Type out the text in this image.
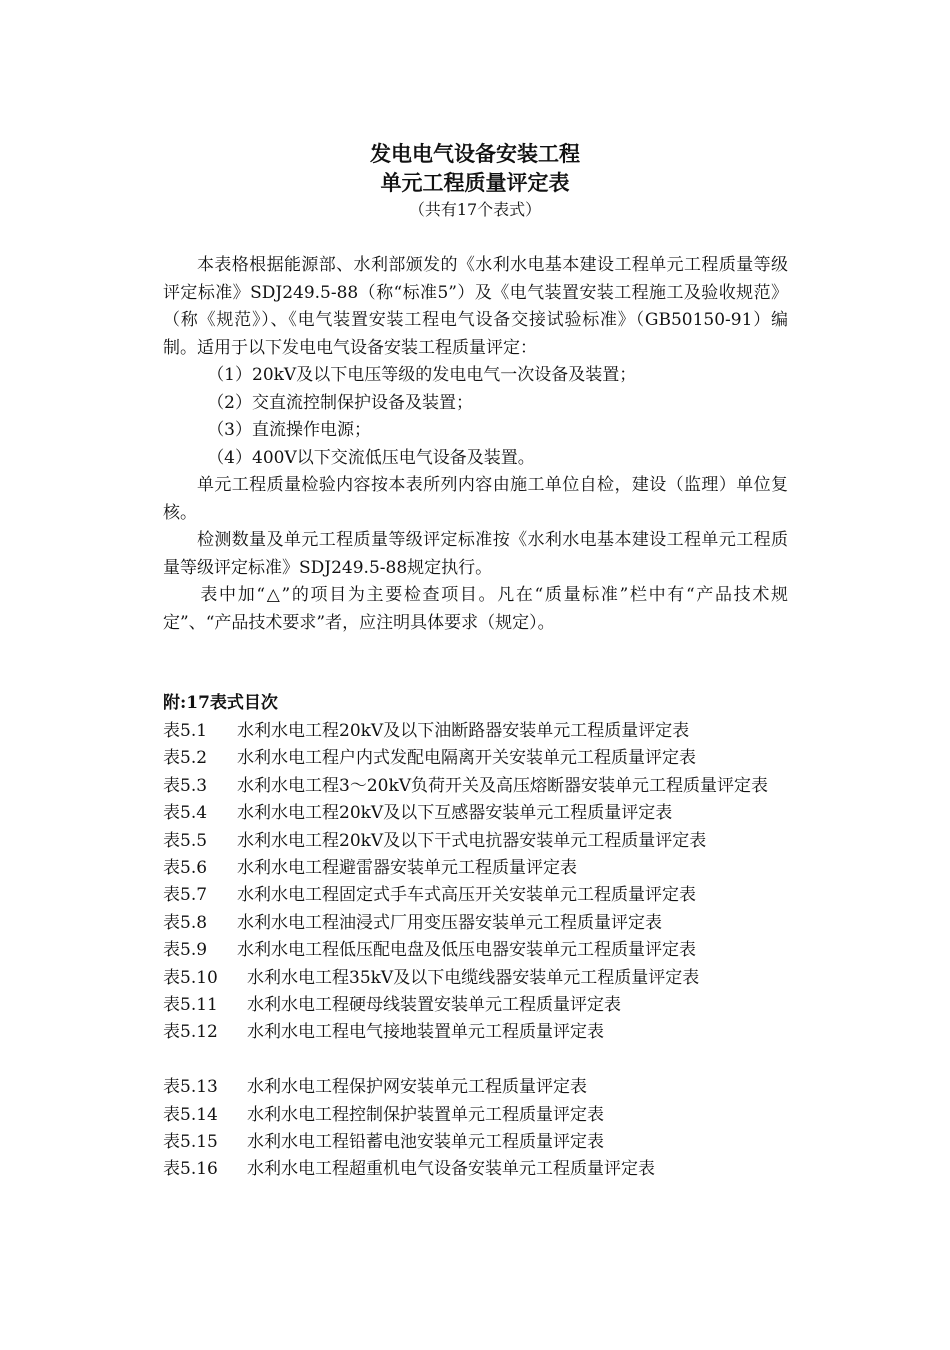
发电电气设备安装工程
单元工程质量评定表

（共有17个表式）

本表格根据能源部、水利部颁发的《水利水电基本建设工程单元工程质量等级评定标准》SDJ249.5-88（称“标准5”）及《电气装置安装工程施工及验收规范》（称《规范》）、《电气装置安装工程电气设备交接试验标准》（GB50150-91）编制。适用于以下发电电气设备安装工程质量评定：

（1）20kV及以下电压等级的发电电气一次设备及装置；

（2）交直流控制保护设备及装置；

（3）直流操作电源；

（4）400V以下交流低压电气设备及装置。

单元工程质量检验内容按本表所列内容由施工单位自检，建设（监理）单位复核。

检测数量及单元工程质量等级评定标准按《水利水电基本建设工程单元工程质量等级评定标准》SDJ249.5-88规定执行。

表中加“△”的项目为主要检查项目。凡在“质量标准”栏中有“产品技术规定”、“产品技术要求”者，应注明具体要求（规定）。

附:17表式目次

表5.1	水利水电工程20kV及以下油断路器安装单元工程质量评定表
表5.2	水利水电工程户内式发配电隔离开关安装单元工程质量评定表
表5.3	水利水电工程3～20kV负荷开关及高压熔断器安装单元工程质量评定表
表5.4	水利水电工程20kV及以下互感器安装单元工程质量评定表
表5.5	水利水电工程20kV及以下干式电抗器安装单元工程质量评定表
表5.6	水利水电工程避雷器安装单元工程质量评定表
表5.7	水利水电工程固定式手车式高压开关安装单元工程质量评定表
表5.8	水利水电工程油浸式厂用变压器安装单元工程质量评定表
表5.9	水利水电工程低压配电盘及低压电器安装单元工程质量评定表
表5.10	水利水电工程35kV及以下电缆线器安装单元工程质量评定表
表5.11	水利水电工程硬母线装置安装单元工程质量评定表
表5.12	水利水电工程电气接地装置单元工程质量评定表
表5.13	水利水电工程保护网安装单元工程质量评定表
表5.14	水利水电工程控制保护装置单元工程质量评定表
表5.15	水利水电工程铅蓄电池安装单元工程质量评定表
表5.16	水利水电工程超重机电气设备安装单元工程质量评定表
